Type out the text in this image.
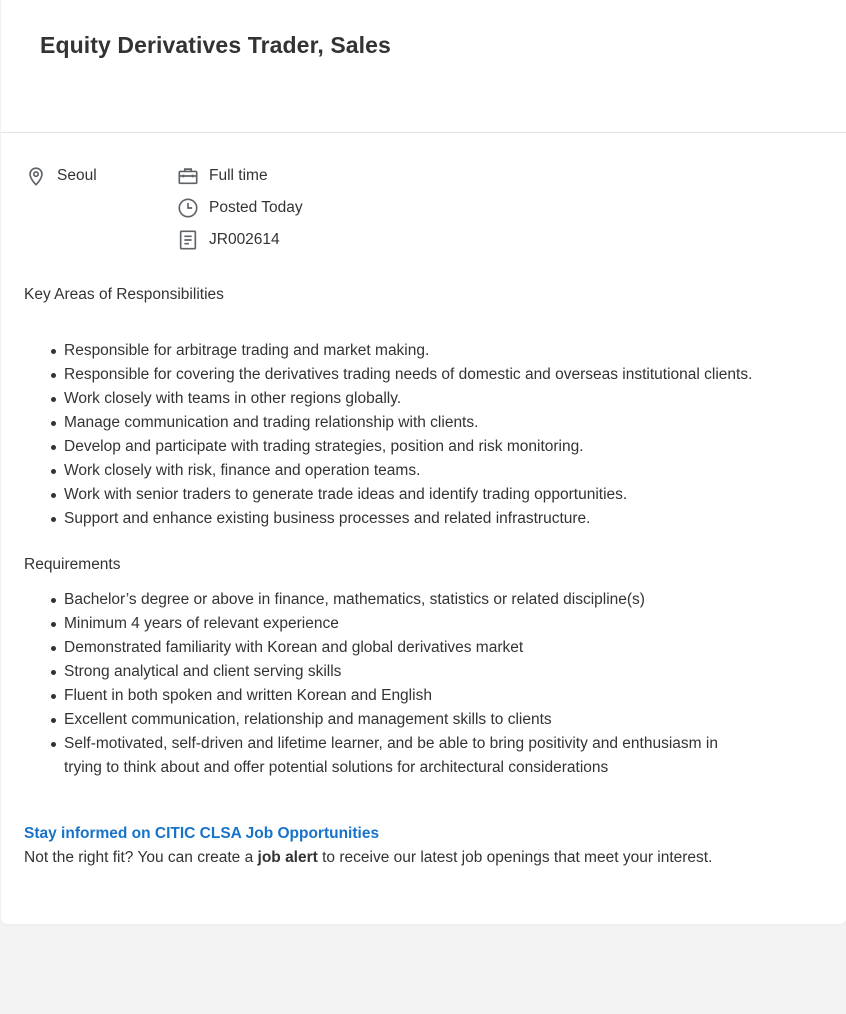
Equity Derivatives Trader, Sales
Seoul	Full time
Posted Today
JR002614

Key Areas of Responsibilities

Responsible for arbitrage trading and market making.
Responsible for covering the derivatives trading needs of domestic and overseas institutional clients.
Work closely with teams in other regions globally.
Manage communication and trading relationship with clients.
Develop and participate with trading strategies, position and risk monitoring.
Work closely with risk, finance and operation teams.
Work with senior traders to generate trade ideas and identify trading opportunities.
Support and enhance existing business processes and related infrastructure.

Requirements

Bachelor’s degree or above in finance, mathematics, statistics or related discipline(s)
Minimum 4 years of relevant experience
Demonstrated familiarity with Korean and global derivatives market
Strong analytical and client serving skills
Fluent in both spoken and written Korean and English
Excellent communication, relationship and management skills to clients
Self-motivated, self-driven and lifetime learner, and be able to bring positivity and enthusiasm in trying to think about and offer potential solutions for architectural considerations
Stay informed on CITIC CLSA Job Opportunities
Not the right fit? You can create a job alert to receive our latest job openings that meet your interest.
